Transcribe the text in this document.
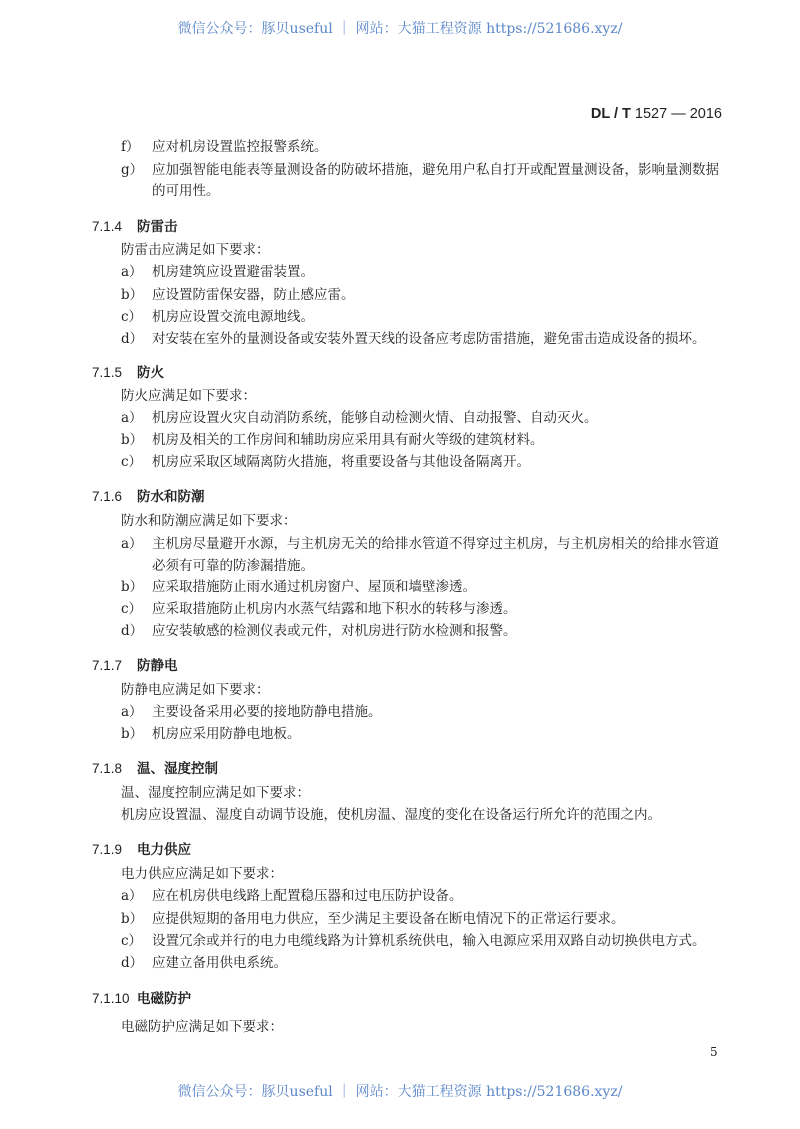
微信公众号：豚贝useful ｜ 网站：大猫工程资源 https://521686.xyz/
DL / T 1527 — 2016
f） 应对机房设置监控报警系统。
g） 应加强智能电能表等量测设备的防破坏措施，避免用户私自打开或配置量测设备，影响量测数据的可用性。
7.1.4 防雷击
防雷击应满足如下要求：
a） 机房建筑应设置避雷装置。
b） 应设置防雷保安器，防止感应雷。
c） 机房应设置交流电源地线。
d） 对安装在室外的量测设备或安装外置天线的设备应考虑防雷措施，避免雷击造成设备的损坏。
7.1.5 防火
防火应满足如下要求：
a） 机房应设置火灾自动消防系统，能够自动检测火情、自动报警、自动灭火。
b） 机房及相关的工作房间和辅助房应采用具有耐火等级的建筑材料。
c） 机房应采取区域隔离防火措施，将重要设备与其他设备隔离开。
7.1.6 防水和防潮
防水和防潮应满足如下要求：
a） 主机房尽量避开水源，与主机房无关的给排水管道不得穿过主机房，与主机房相关的给排水管道必须有可靠的防渗漏措施。
b） 应采取措施防止雨水通过机房窗户、屋顶和墙壁渗透。
c） 应采取措施防止机房内水蒸气结露和地下积水的转移与渗透。
d） 应安装敏感的检测仪表或元件，对机房进行防水检测和报警。
7.1.7 防静电
防静电应满足如下要求：
a） 主要设备采用必要的接地防静电措施。
b） 机房应采用防静电地板。
7.1.8 温、湿度控制
温、湿度控制应满足如下要求：
机房应设置温、湿度自动调节设施，使机房温、湿度的变化在设备运行所允许的范围之内。
7.1.9 电力供应
电力供应应满足如下要求：
a） 应在机房供电线路上配置稳压器和过电压防护设备。
b） 应提供短期的备用电力供应，至少满足主要设备在断电情况下的正常运行要求。
c） 设置冗余或并行的电力电缆线路为计算机系统供电，输入电源应采用双路自动切换供电方式。
d） 应建立备用供电系统。
7.1.10 电磁防护
电磁防护应满足如下要求：
5
微信公众号：豚贝useful ｜ 网站：大猫工程资源 https://521686.xyz/
